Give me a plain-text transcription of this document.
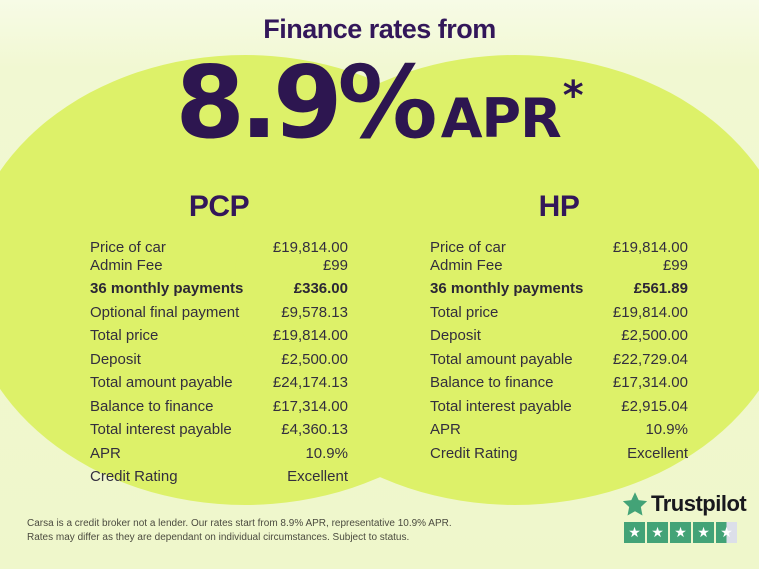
Finance rates from
8.9% APR *
PCP
Price of car	£19,814.00
Admin Fee	£99
36 monthly payments	£336.00
Optional final payment	£9,578.13
Total price	£19,814.00
Deposit	£2,500.00
Total amount payable	£24,174.13
Balance to finance	£17,314.00
Total interest payable	£4,360.13
APR	10.9%
Credit Rating	Excellent
HP
Price of car	£19,814.00
Admin Fee	£99
36 monthly payments	£561.89
Total price	£19,814.00
Deposit	£2,500.00
Total amount payable	£22,729.04
Balance to finance	£17,314.00
Total interest payable	£2,915.04
APR	10.9%
Credit Rating	Excellent
Carsa is a credit broker not a lender. Our rates start from 8.9% APR, representative 10.9% APR.
Rates may differ as they are dependant on individual circumstances. Subject to status.
Trustpilot
★ ★ ★ ★ ★
